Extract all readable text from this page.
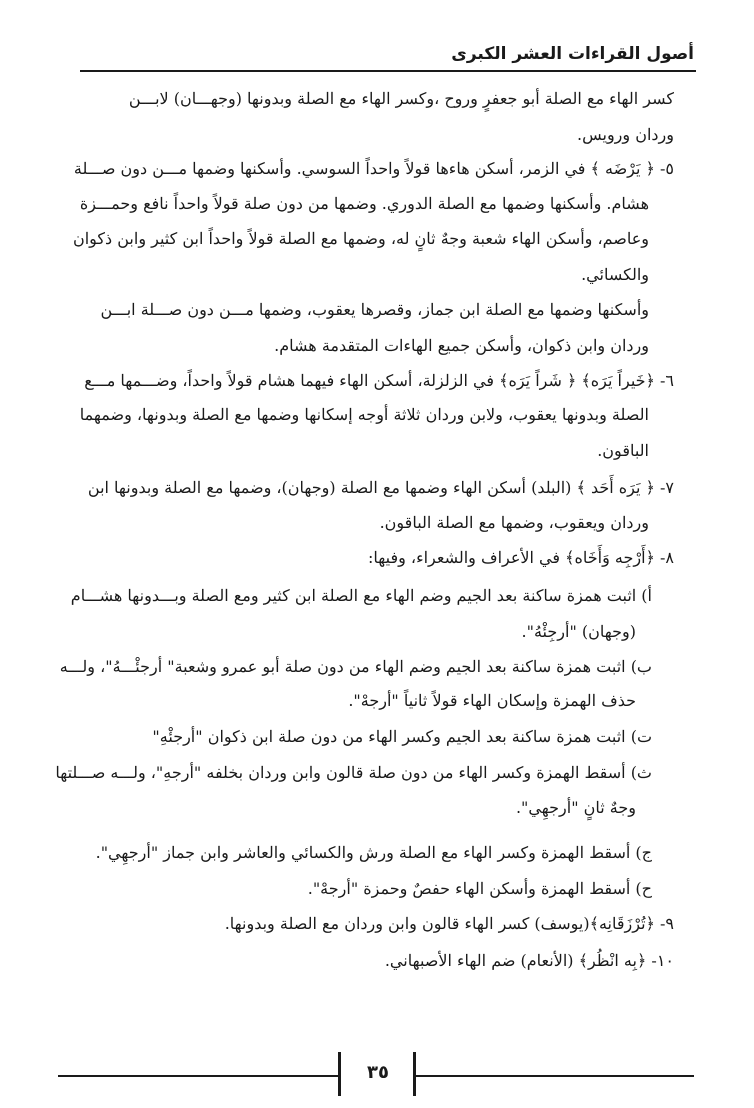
أصول القراءات العشر الكبرى
كسر الهاء مع الصلة أبو جعفرٍ وروح ،وكسر الهاء مع الصلة وبدونها (وجهـــان) لابـــن
وردان ورويس.
٥- ﴿ يَرْضَه ﴾ في الزمر، أسكن هاءها قولاً واحداً السوسي. وأسكنها وضمها مـــن دون صـــلة
هشام. وأسكنها وضمها مع الصلة الدوري. وضمها من دون صلة قولاً واحداً نافع وحمـــزة
وعاصم، وأسكن الهاء شعبة وجهٌ ثانٍ له، وضمها مع الصلة قولاً واحداً ابن كثير وابن ذكوان
والكسائي.
وأسكنها وضمها مع الصلة ابن جماز، وقصرها يعقوب، وضمها مـــن دون صـــلة ابـــن
وردان وابن ذكوان، وأسكن جميع الهاءات المتقدمة هشام.
٦- ﴿خَيراً يَرَه﴾ ﴿ شَراً يَرَه﴾ في الزلزلة، أسكن الهاء فيهما هشام قولاً واحداً، وضـــمها مـــع
الصلة وبدونها يعقوب، ولابن وردان ثلاثة أوجه إسكانها وضمها مع الصلة وبدونها، وضمهما
الباقون.
٧- ﴿ يَرَه أَحَد ﴾ (البلد) أسكن الهاء وضمها مع الصلة (وجهان)، وضمها مع الصلة وبدونها ابن
وردان ويعقوب، وضمها مع الصلة الباقون.
٨- ﴿أَرْجِه وَأَخَاه﴾ في الأعراف والشعراء، وفيها:
أ) اثبت همزة ساكنة بعد الجيم وضم الهاء مع الصلة ابن كثير ومع الصلة وبـــدونها هشـــام
(وجهان) "أرجِئْهُ".
ب) اثبت همزة ساكنة بعد الجيم وضم الهاء من دون صلة أبو عمرو وشعبة" أرجئْـــهُ"، ولـــه
حذف الهمزة وإسكان الهاء قولاً ثانياً "أرجهْ".
ت) اثبت همزة ساكنة بعد الجيم وكسر الهاء من دون صلة ابن ذكوان "أرجئْهِ"
ث) أسقط الهمزة وكسر الهاء من دون صلة قالون وابن وردان بخلفه "أرجهِ"، ولـــه صـــلتها
وجهٌ ثانٍ "أرجهِي".
ج) أسقط الهمزة وكسر الهاء مع الصلة ورش والكسائي والعاشر وابن جماز "أرجهِي".
ح) أسقط الهمزة وأسكن الهاء حفصٌ وحمزة "أرجهْ".
٩- ﴿تُرْزَقَانِه﴾(يوسف) كسر الهاء قالون وابن وردان مع الصلة وبدونها.
١٠- ﴿بِه انْظُر﴾ (الأنعام) ضم الهاء الأصبهاني.
٣٥
